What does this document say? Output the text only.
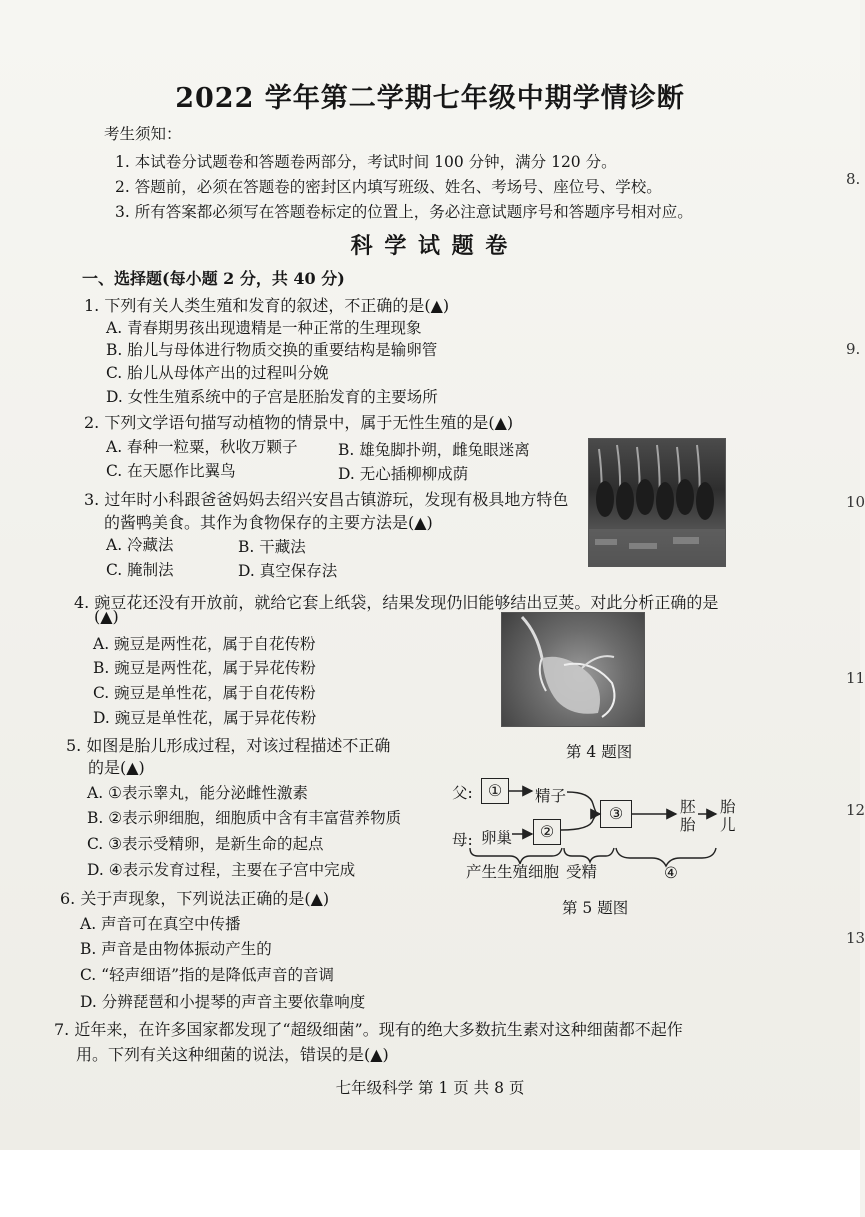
2022 学年第二学期七年级中期学情诊断
考生须知：
1. 本试卷分试题卷和答题卷两部分，考试时间 100 分钟，满分 120 分。
2. 答题前，必须在答题卷的密封区内填写班级、姓名、考场号、座位号、学校。
3. 所有答案都必须写在答题卷标定的位置上，务必注意试题序号和答题序号相对应。
科 学 试 题 卷
一、选择题(每小题 2 分，共 40 分)
1. 下列有关人类生殖和发育的叙述，不正确的是(▲)
A. 青春期男孩出现遗精是一种正常的生理现象
B. 胎儿与母体进行物质交换的重要结构是输卵管
C. 胎儿从母体产出的过程叫分娩
D. 女性生殖系统中的子宫是胚胎发育的主要场所
2. 下列文学语句描写动植物的情景中，属于无性生殖的是(▲)
A. 春种一粒粟，秋收万颗子	B. 雄兔脚扑朔，雌兔眼迷离
C. 在天愿作比翼鸟	D. 无心插柳柳成荫
3. 过年时小科跟爸爸妈妈去绍兴安昌古镇游玩，发现有极具地方特色
的酱鸭美食。其作为食物保存的主要方法是(▲)
A. 冷藏法	B. 干藏法
C. 腌制法	D. 真空保存法
4. 豌豆花还没有开放前，就给它套上纸袋，结果发现仍旧能够结出豆荚。对此分析正确的是
(▲)
A. 豌豆是两性花，属于自花传粉
B. 豌豆是两性花，属于异花传粉
C. 豌豆是单性花，属于自花传粉
D. 豌豆是单性花，属于异花传粉
第 4 题图
5. 如图是胎儿形成过程，对该过程描述不正确
的是(▲)
A. ①表示睾丸，能分泌雌性激素
B. ②表示卵细胞，细胞质中含有丰富营养物质
C. ③表示受精卵，是新生命的起点
D. ④表示发育过程，主要在子宫中完成
父: ①	精子
母: 卵巢	②
③	胚
胎
胎
儿
产生生殖细胞 受精	④
第 5 题图
6. 关于声现象，下列说法正确的是(▲)
A. 声音可在真空中传播
B. 声音是由物体振动产生的
C. “轻声细语”指的是降低声音的音调
D. 分辨琵琶和小提琴的声音主要依靠响度
7. 近年来，在许多国家都发现了“超级细菌”。现有的绝大多数抗生素对这种细菌都不起作
用。下列有关这种细菌的说法，错误的是(▲)
七年级科学 第 1 页 共 8 页
8.
9.
10
11
12
13
